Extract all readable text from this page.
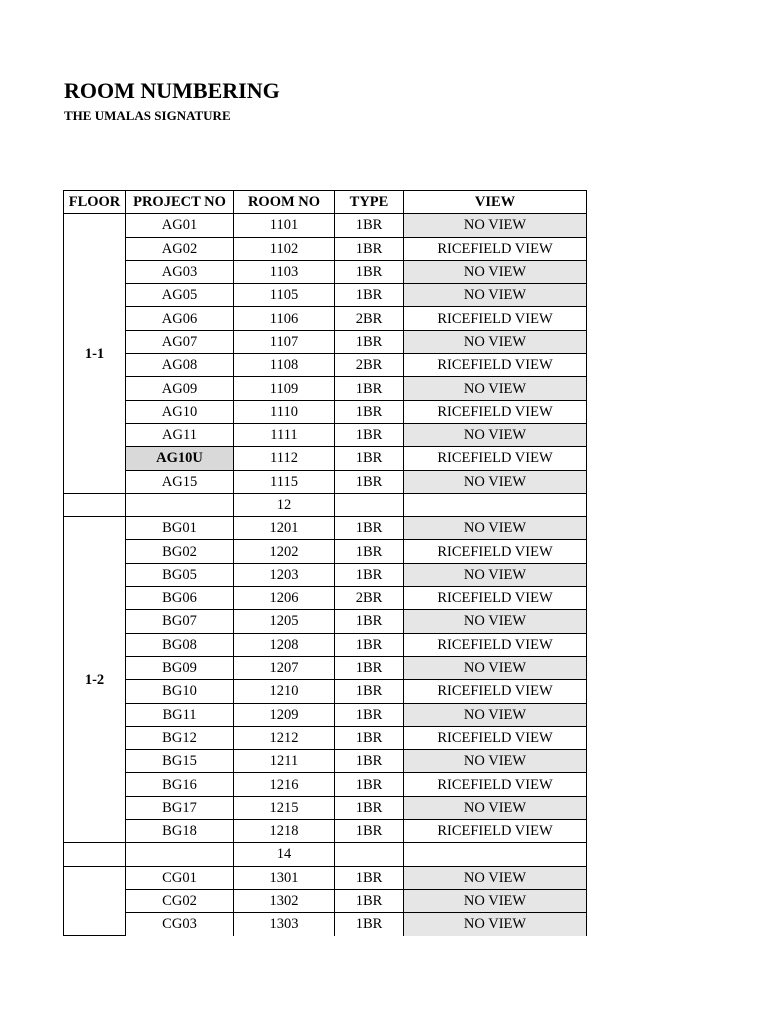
ROOM NUMBERING
THE UMALAS SIGNATURE
FLOOR	PROJECT NO	ROOM NO	TYPE	VIEW
1-1	AG01	1101	1BR	NO VIEW
	AG02	1102	1BR	RICEFIELD VIEW
	AG03	1103	1BR	NO VIEW
	AG05	1105	1BR	NO VIEW
	AG06	1106	2BR	RICEFIELD VIEW
	AG07	1107	1BR	NO VIEW
	AG08	1108	2BR	RICEFIELD VIEW
	AG09	1109	1BR	NO VIEW
	AG10	1110	1BR	RICEFIELD VIEW
	AG11	1111	1BR	NO VIEW
	AG10U	1112	1BR	RICEFIELD VIEW
	AG15	1115	1BR	NO VIEW
		12		
1-2	BG01	1201	1BR	NO VIEW
	BG02	1202	1BR	RICEFIELD VIEW
	BG05	1203	1BR	NO VIEW
	BG06	1206	2BR	RICEFIELD VIEW
	BG07	1205	1BR	NO VIEW
	BG08	1208	1BR	RICEFIELD VIEW
	BG09	1207	1BR	NO VIEW
	BG10	1210	1BR	RICEFIELD VIEW
	BG11	1209	1BR	NO VIEW
	BG12	1212	1BR	RICEFIELD VIEW
	BG15	1211	1BR	NO VIEW
	BG16	1216	1BR	RICEFIELD VIEW
	BG17	1215	1BR	NO VIEW
	BG18	1218	1BR	RICEFIELD VIEW
		14		
	CG01	1301	1BR	NO VIEW
	CG02	1302	1BR	NO VIEW
	CG03	1303	1BR	NO VIEW
